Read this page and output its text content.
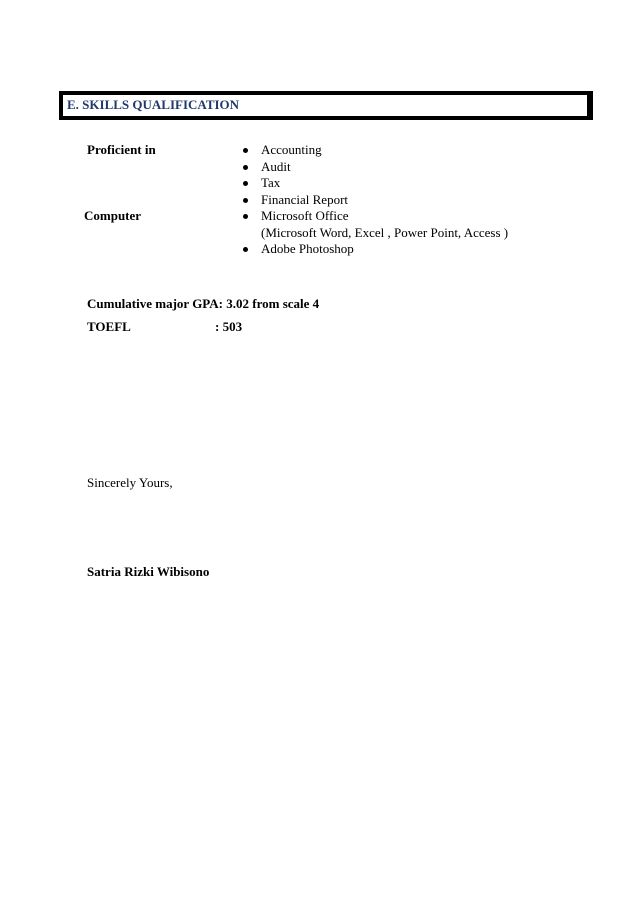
E. SKILLS QUALIFICATION
Proficient in
Computer
Accounting
Audit
Tax
Financial Report
Microsoft Office
(Microsoft Word, Excel , Power Point, Access )
Adobe Photoshop
Cumulative major GPA: 3.02 from scale 4
TOEFL	: 503
Sincerely Yours,
Satria Rizki Wibisono
